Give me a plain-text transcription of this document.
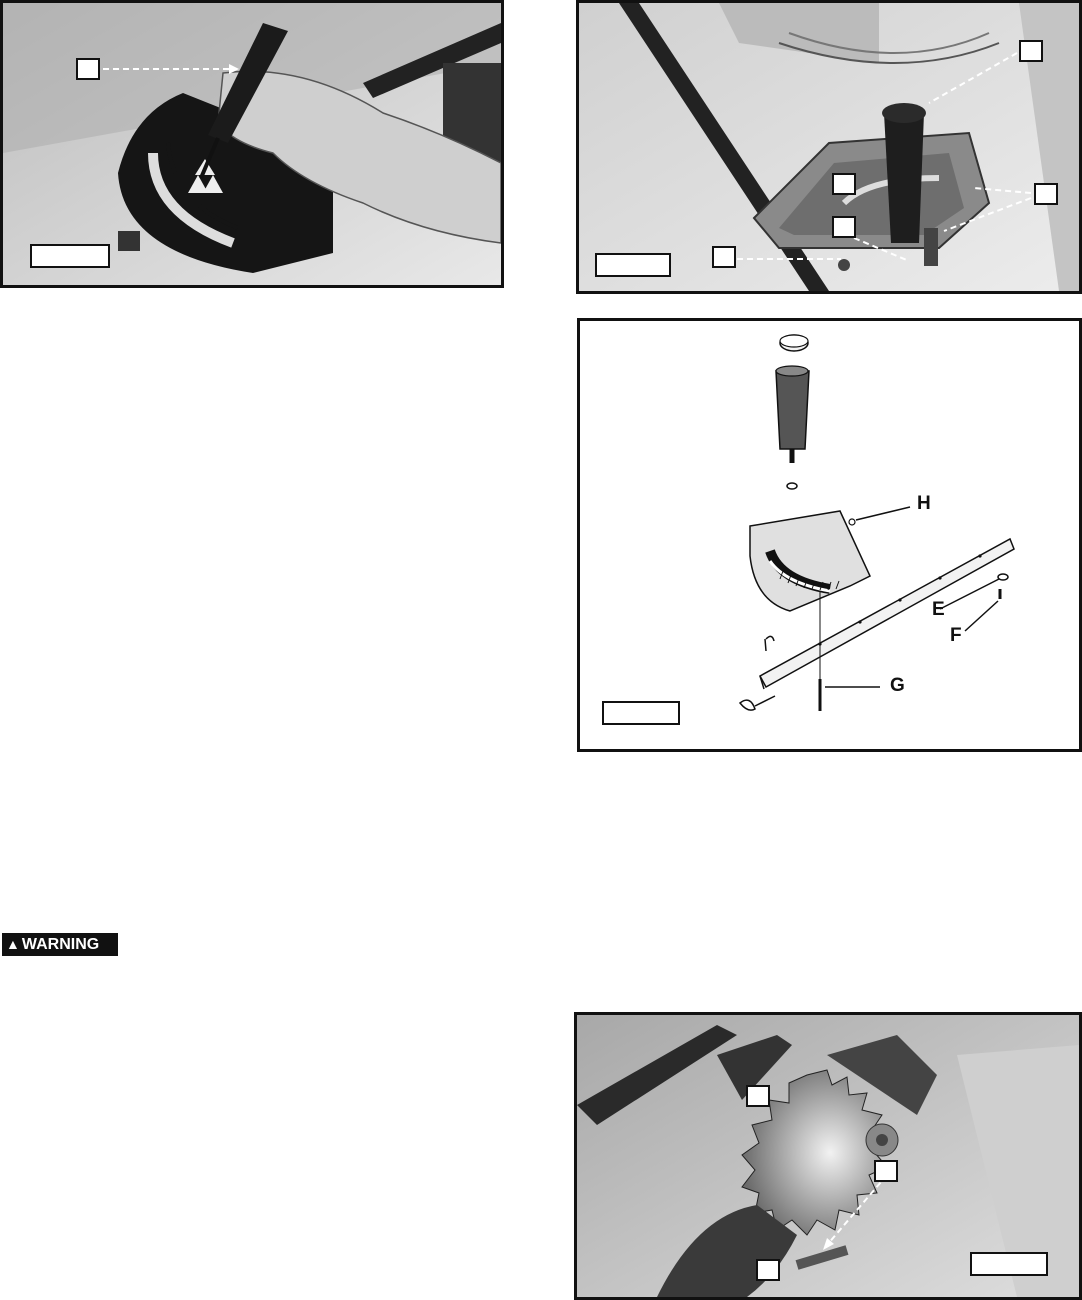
H
E
F
G
▲ WARNING
